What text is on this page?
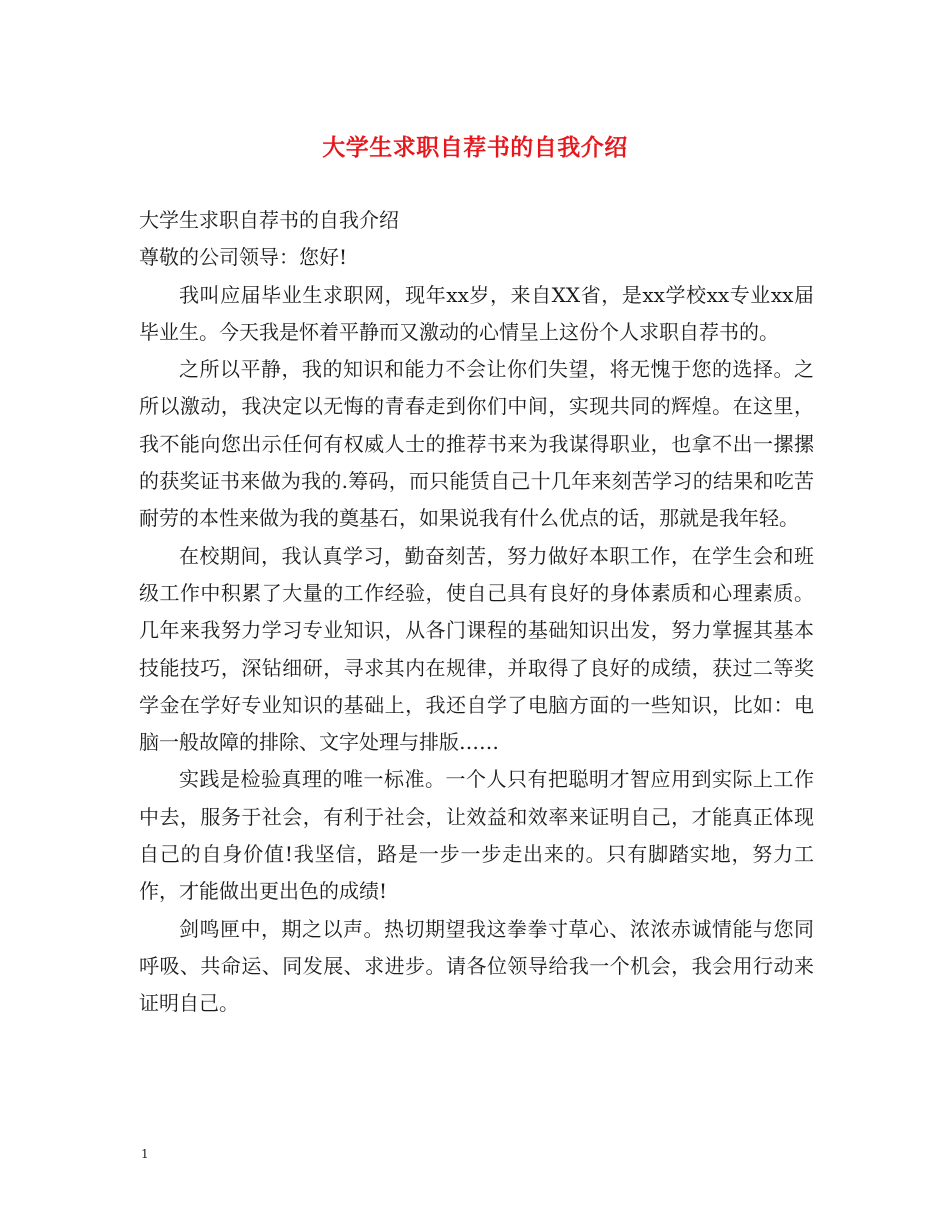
大学生求职自荐书的自我介绍

大学生求职自荐书的自我介绍

尊敬的公司领导：您好!

我叫应届毕业生求职网，现年xx岁，来自XX省，是xx学校xx专业xx届毕业生。今天我是怀着平静而又激动的心情呈上这份个人求职自荐书的。

之所以平静，我的知识和能力不会让你们失望，将无愧于您的选择。之所以激动，我决定以无悔的青春走到你们中间，实现共同的辉煌。在这里，我不能向您出示任何有权威人士的推荐书来为我谋得职业，也拿不出一摞摞的获奖证书来做为我的.筹码，而只能赁自己十几年来刻苦学习的结果和吃苦耐劳的本性来做为我的奠基石，如果说我有什么优点的话，那就是我年轻。

在校期间，我认真学习，勤奋刻苦，努力做好本职工作，在学生会和班级工作中积累了大量的工作经验，使自己具有良好的身体素质和心理素质。几年来我努力学习专业知识，从各门课程的基础知识出发，努力掌握其基本技能技巧，深钻细研，寻求其内在规律，并取得了良好的成绩，获过二等奖学金在学好专业知识的基础上，我还自学了电脑方面的一些知识，比如：电脑一般故障的排除、文字处理与排版……

实践是检验真理的唯一标准。一个人只有把聪明才智应用到实际上工作中去，服务于社会，有利于社会，让效益和效率来证明自己，才能真正体现自己的自身价值!我坚信，路是一步一步走出来的。只有脚踏实地，努力工作，才能做出更出色的成绩!

剑鸣匣中，期之以声。热切期望我这拳拳寸草心、浓浓赤诚情能与您同呼吸、共命运、同发展、求进步。请各位领导给我一个机会，我会用行动来证明自己。

1
